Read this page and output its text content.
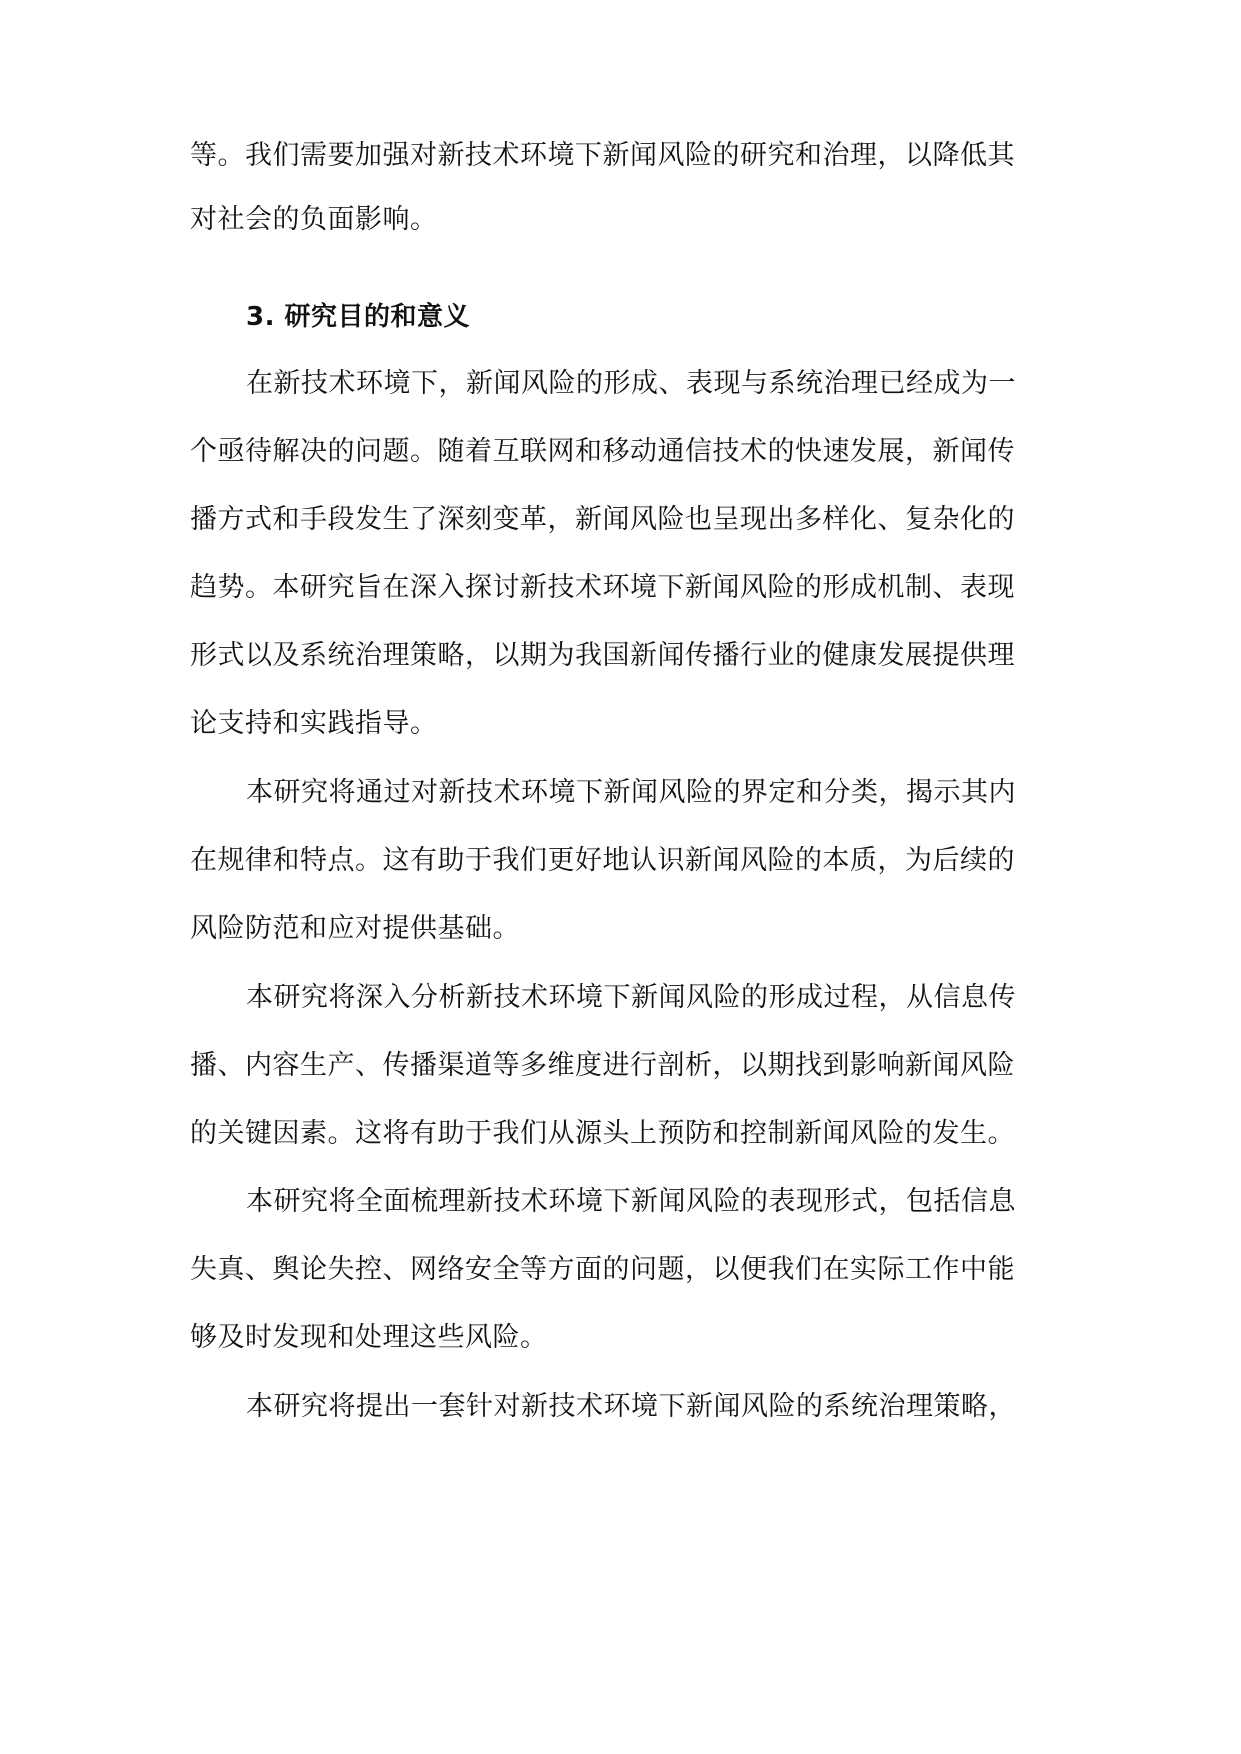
等。我们需要加强对新技术环境下新闻风险的研究和治理，以降低其
对社会的负面影响。
3. 研究目的和意义
在新技术环境下，新闻风险的形成、表现与系统治理已经成为一
个亟待解决的问题。随着互联网和移动通信技术的快速发展，新闻传
播方式和手段发生了深刻变革，新闻风险也呈现出多样化、复杂化的
趋势。本研究旨在深入探讨新技术环境下新闻风险的形成机制、表现
形式以及系统治理策略，以期为我国新闻传播行业的健康发展提供理
论支持和实践指导。
本研究将通过对新技术环境下新闻风险的界定和分类，揭示其内
在规律和特点。这有助于我们更好地认识新闻风险的本质，为后续的
风险防范和应对提供基础。
本研究将深入分析新技术环境下新闻风险的形成过程，从信息传
播、内容生产、传播渠道等多维度进行剖析，以期找到影响新闻风险
的关键因素。这将有助于我们从源头上预防和控制新闻风险的发生。
本研究将全面梳理新技术环境下新闻风险的表现形式，包括信息
失真、舆论失控、网络安全等方面的问题，以便我们在实际工作中能
够及时发现和处理这些风险。
本研究将提出一套针对新技术环境下新闻风险的系统治理策略，
